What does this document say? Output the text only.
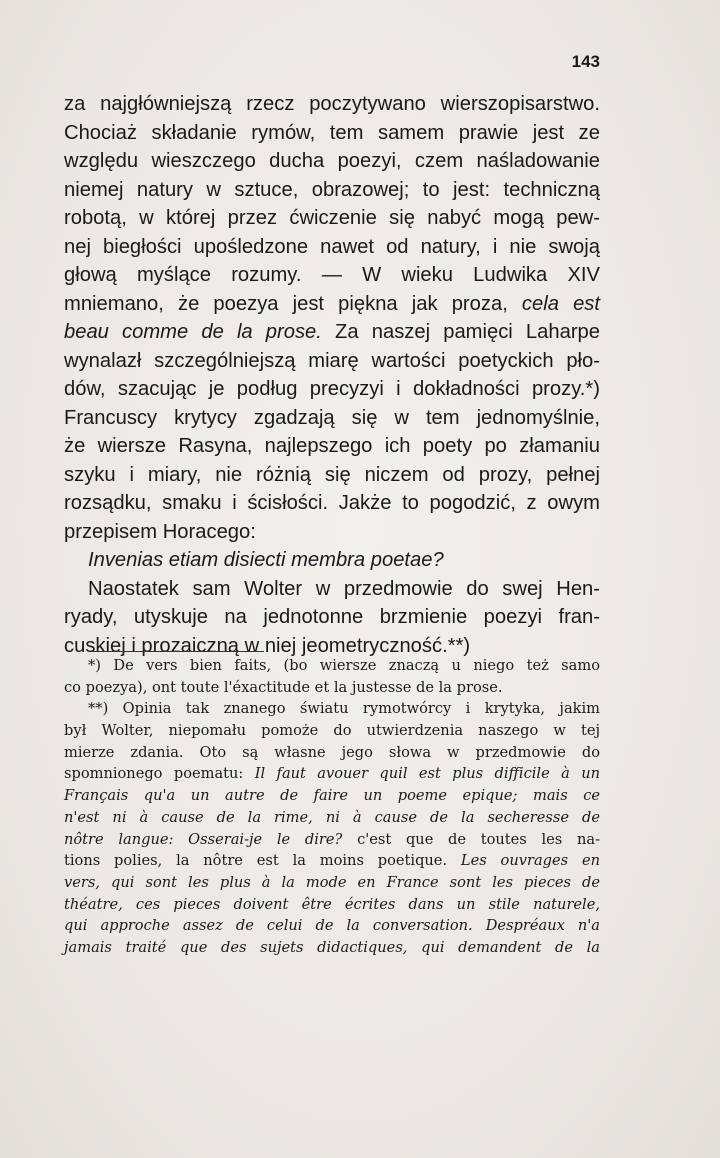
143
za najgłówniejszą rzecz poczytywano wierszopisarstwo.
Chociaż składanie rymów, tem samem prawie jest ze
względu wieszczego ducha poezyi, czem naśladowanie
niemej natury w sztuce, obrazowej; to jest: techniczną
robotą, w której przez ćwiczenie się nabyć mogą pew-
nej biegłości upośledzone nawet od natury, i nie swoją
głową myślące rozumy. — W wieku Ludwika XIV
mniemano, że poezya jest piękna jak proza, cela est
beau comme de la prose. Za naszej pamięci Laharpe
wynalazł szczególniejszą miarę wartości poetyckich pło-
dów, szacując je podług precyzyi i dokładności prozy.*)
Francuscy krytycy zgadzają się w tem jednomyślnie,
że wiersze Rasyna, najlepszego ich poety po złamaniu
szyku i miary, nie różnią się niczem od prozy, pełnej
rozsądku, smaku i ścisłości. Jakże to pogodzić, z owym
przepisem Horacego:
Invenias etiam disiecti membra poetae?
Naostatek sam Wolter w przedmowie do swej Hen-
ryady, utyskuje na jednotonne brzmienie poezyi fran-
cuskiej i prozaiczną w niej jeometryczność.**)
*) De vers bien faits, (bo wiersze znaczą u niego też samo
co poezya), ont toute l'éxactitude et la justesse de la prose.
**) Opinia tak znanego światu rymotwórcy i krytyka, jakim
był Wolter, niepomału pomoże do utwierdzenia naszego w tej
mierze zdania. Oto są własne jego słowa w przedmowie do
spomnionego poematu: Il faut avouer quil est plus difficile à un
Français qu'a un autre de faire un poeme epique; mais ce
n'est ni à cause de la rime, ni à cause de la secheresse de
nôtre langue: Osserai-je le dire? c'est que de toutes les na-
tions polies, la nôtre est la moins poetique. Les ouvrages en
vers, qui sont les plus à la mode en France sont les pieces de
théatre, ces pieces doivent être écrites dans un stile naturele,
qui approche assez de celui de la conversation. Despréaux n'a
jamais traité que des sujets didactiques, qui demandent de la
